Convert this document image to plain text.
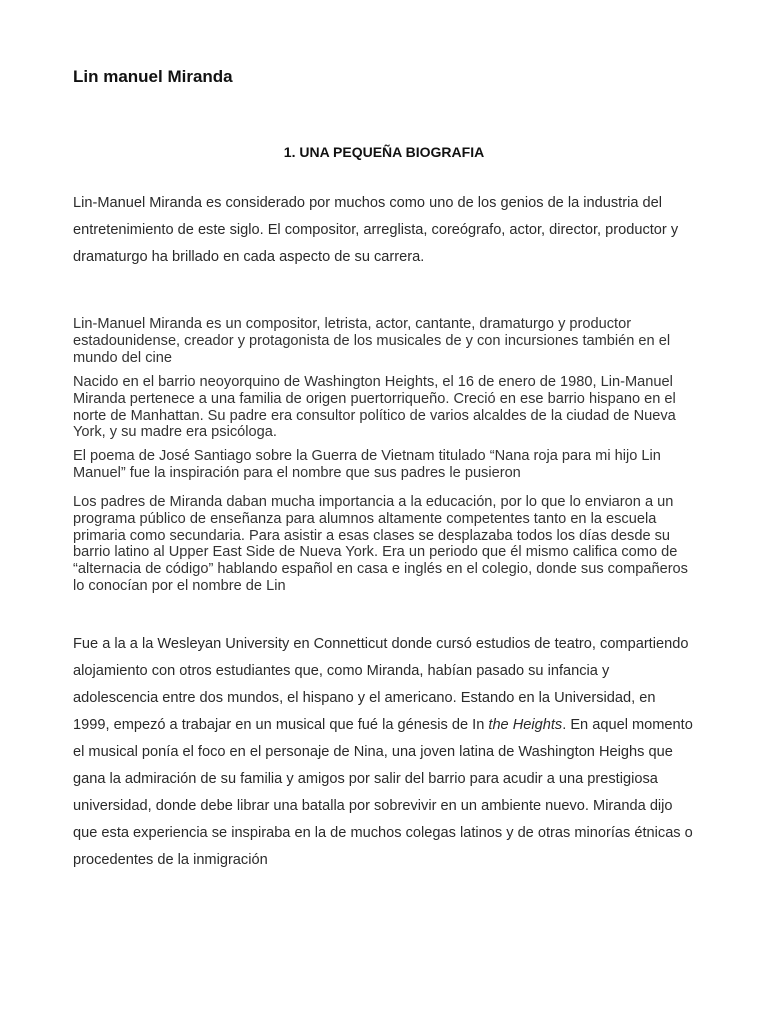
Lin manuel Miranda
1. UNA PEQUEÑA BIOGRAFIA

Lin-Manuel Miranda es considerado por muchos como uno de los genios de la industria del entretenimiento de este siglo. El compositor, arreglista, coreógrafo, actor, director, productor y dramaturgo ha brillado en cada aspecto de su carrera.

Lin-Manuel Miranda es un compositor, letrista, actor, cantante, dramaturgo y productor estadounidense, creador y protagonista de los musicales de y con incursiones también en el mundo del cine

Nacido en el barrio neoyorquino de Washington Heights, el 16 de enero de 1980, Lin-Manuel Miranda pertenece a una familia de origen puertorriqueño. Creció en ese barrio hispano en el norte de Manhattan. Su padre era consultor político de varios alcaldes de la ciudad de Nueva York, y su madre era psicóloga.

El poema de José Santiago sobre la Guerra de Vietnam titulado “Nana roja para mi hijo Lin Manuel” fue la inspiración para el nombre que sus padres le pusieron

Los padres de Miranda daban mucha importancia a la educación, por lo que lo enviaron a un programa público de enseñanza para alumnos altamente competentes tanto en la escuela primaria como secundaria. Para asistir a esas clases se desplazaba todos los días desde su barrio latino al Upper East Side de Nueva York. Era un periodo que él mismo califica como de “alternacia de código” hablando español en casa e inglés en el colegio, donde sus compañeros lo conocían por el nombre de Lin

Fue a la a la Wesleyan University en Connetticut donde cursó estudios de teatro, compartiendo alojamiento con otros estudiantes que, como Miranda, habían pasado su infancia y adolescencia entre dos mundos, el hispano y el americano. Estando en la Universidad, en 1999, empezó a trabajar en un musical que fué la génesis de In the Heights. En aquel momento el musical ponía el foco en el personaje de Nina, una joven latina de Washington Heighs que gana la admiración de su familia y amigos por salir del barrio para acudir a una prestigiosa universidad, donde debe librar una batalla por sobrevivir en un ambiente nuevo. Miranda dijo que esta experiencia se inspiraba en la de muchos colegas latinos y de otras minorías étnicas o procedentes de la inmigración
